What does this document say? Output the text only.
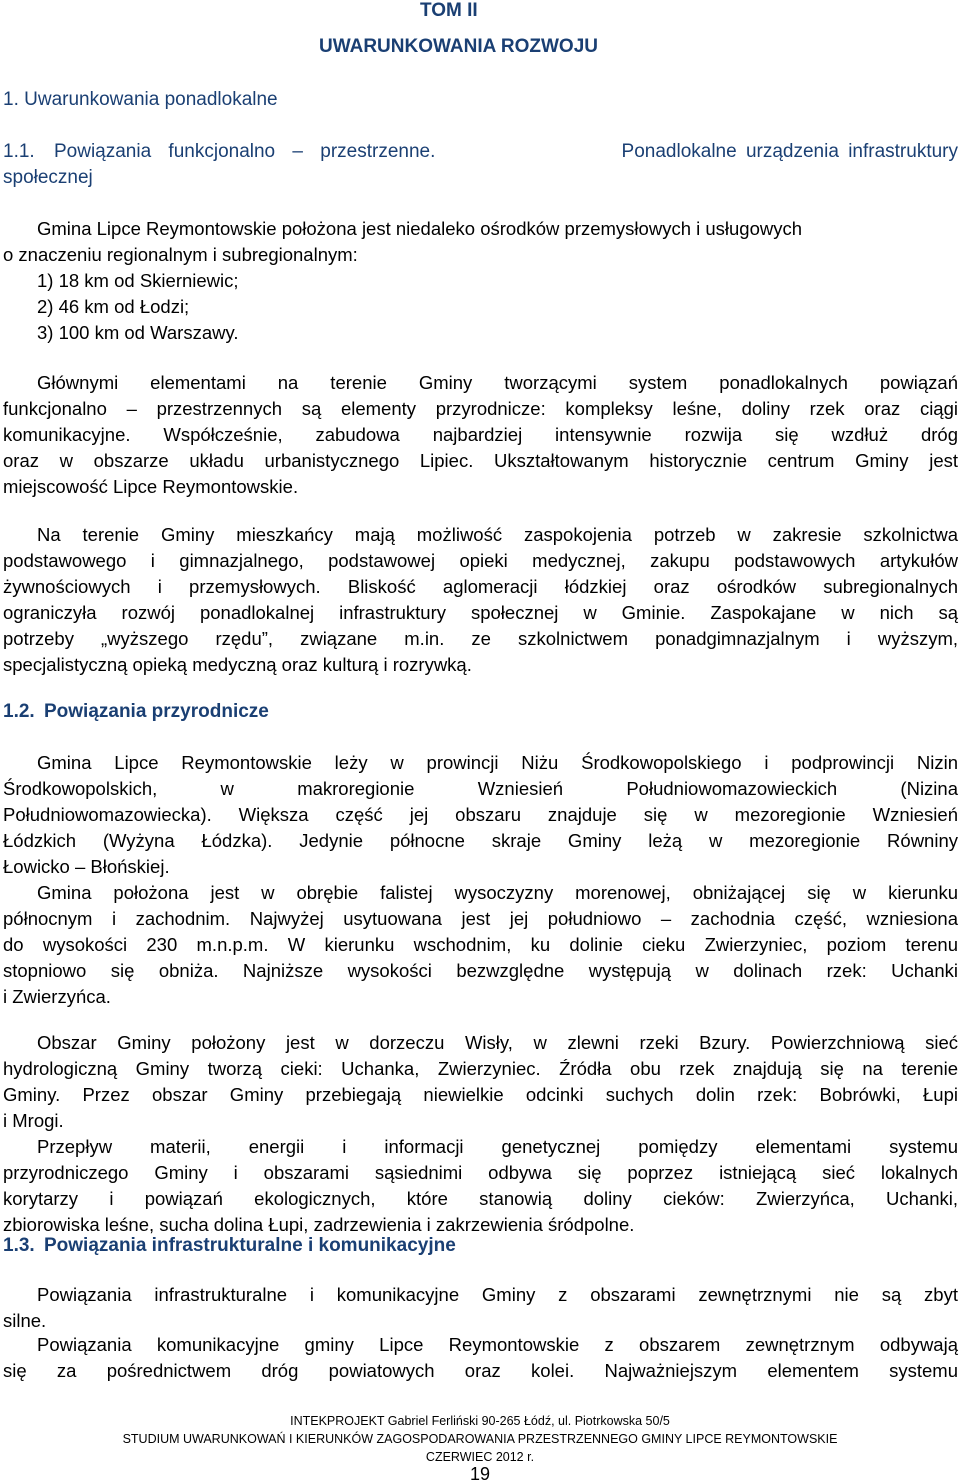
TOM II
UWARUNKOWANIA ROZWOJU
1. Uwarunkowania ponadlokalne
1.1. Powiązania funkcjonalno – przestrzenne.	Ponadlokalne urządzenia infrastruktury
społecznej
Gmina Lipce Reymontowskie położona jest niedaleko ośrodków przemysłowych i usługowych
o znaczeniu regionalnym i subregionalnym:
1) 18 km od Skierniewic;
2) 46 km od Łodzi;
3) 100 km od Warszawy.
Głównymi elementami na terenie Gminy tworzącymi system ponadlokalnych powiązań
funkcjonalno – przestrzennych są elementy przyrodnicze: kompleksy leśne, doliny rzek oraz ciągi
komunikacyjne. Współcześnie, zabudowa najbardziej intensywnie rozwija się wzdłuż dróg
oraz w obszarze układu urbanistycznego Lipiec. Ukształtowanym historycznie centrum Gminy jest
miejscowość Lipce Reymontowskie.
Na terenie Gminy mieszkańcy mają możliwość zaspokojenia potrzeb w zakresie szkolnictwa
podstawowego i gimnazjalnego, podstawowej opieki medycznej, zakupu podstawowych artykułów
żywnościowych i przemysłowych. Bliskość aglomeracji łódzkiej oraz ośrodków subregionalnych
ograniczyła rozwój ponadlokalnej infrastruktury społecznej w Gminie. Zaspokajane w nich są
potrzeby „wyższego rzędu”, związane m.in. ze szkolnictwem ponadgimnazjalnym i wyższym,
specjalistyczną opieką medyczną oraz kulturą i rozrywką.
1.2. Powiązania przyrodnicze
Gmina Lipce Reymontowskie leży w prowincji Niżu Środkowopolskiego i podprowincji Nizin
Środkowopolskich, w makroregionie Wzniesień Południowomazowieckich (Nizina
Południowomazowiecka). Większa część jej obszaru znajduje się w mezoregionie Wzniesień
Łódzkich (Wyżyna Łódzka). Jedynie północne skraje Gminy leżą w mezoregionie Równiny
Łowicko – Błońskiej.
Gmina położona jest w obrębie falistej wysoczyzny morenowej, obniżającej się w kierunku
północnym i zachodnim. Najwyżej usytuowana jest jej południowo – zachodnia część, wzniesiona
do wysokości 230 m.n.p.m. W kierunku wschodnim, ku dolinie cieku Zwierzyniec, poziom terenu
stopniowo się obniża. Najniższe wysokości bezwzględne występują w dolinach rzek: Uchanki
i Zwierzyńca.
Obszar Gminy położony jest w dorzeczu Wisły, w zlewni rzeki Bzury. Powierzchniową sieć
hydrologiczną Gminy tworzą cieki: Uchanka, Zwierzyniec. Źródła obu rzek znajdują się na terenie
Gminy. Przez obszar Gminy przebiegają niewielkie odcinki suchych dolin rzek: Bobrówki, Łupi
i Mrogi.
Przepływ materii, energii i informacji genetycznej pomiędzy elementami systemu
przyrodniczego Gminy i obszarami sąsiednimi odbywa się poprzez istniejącą sieć lokalnych
korytarzy i powiązań ekologicznych, które stanowią doliny cieków: Zwierzyńca, Uchanki,
zbiorowiska leśne, sucha dolina Łupi, zadrzewienia i zakrzewienia śródpolne.
1.3. Powiązania infrastrukturalne i komunikacyjne
Powiązania infrastrukturalne i komunikacyjne Gminy z obszarami zewnętrznymi nie są zbyt
silne.
Powiązania komunikacyjne gminy Lipce Reymontowskie z obszarem zewnętrznym odbywają
się za pośrednictwem dróg powiatowych oraz kolei. Najważniejszym elementem systemu
INTEKPROJEKT Gabriel Ferliński 90-265 Łódź, ul. Piotrkowska 50/5
STUDIUM UWARUNKOWAŃ I KIERUNKÓW ZAGOSPODAROWANIA PRZESTRZENNEGO GMINY LIPCE REYMONTOWSKIE
CZERWIEC 2012 r.
19
